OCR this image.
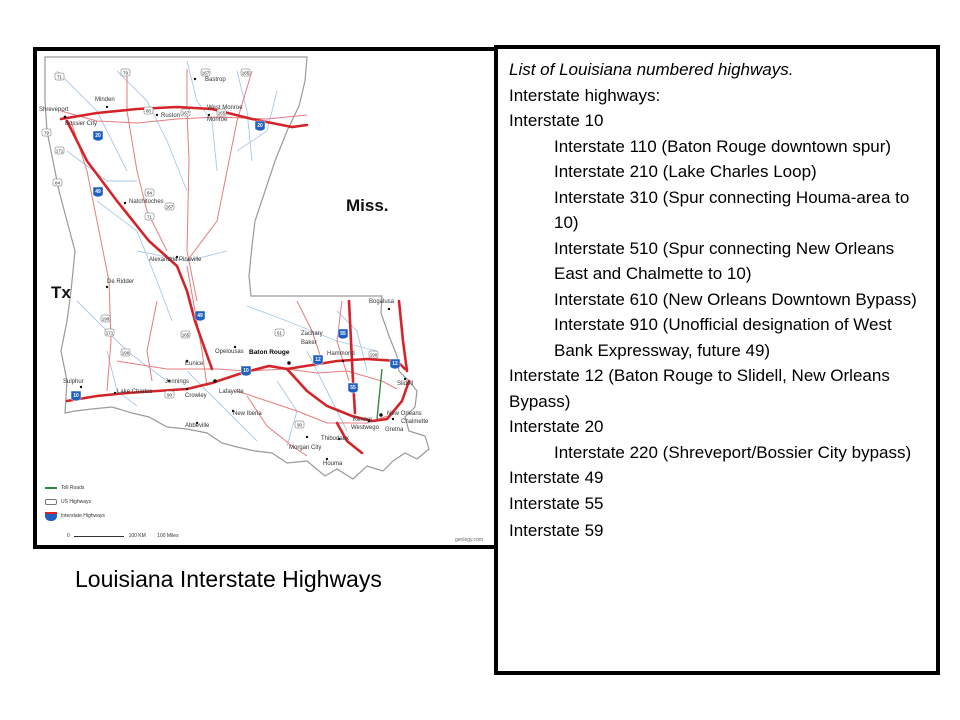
20
20
49
49
10
10
12
12
55
55
71
79	167	165
80	167	165
79
171
84
84
167
71
190
171	165
190
61
190
90
90
Tx
Miss.
Shreveport
Bossier City
Minden
Ruston
Monroe
West Monroe
Bastrop
Natchitoches
Alexandria Pineville
De Ridder
Opelousas Baton Rouge
Zachary
Baker
Hammond
Bogalusa
Slidell
Eunice
Sulphur
Lake Charles
Jennings
Crowley
Lafayette
New Iberia
Abbeville
Morgan City
Thibodaux
Houma
Kenner
Westwego Gretna
New Orleans
Chalmette
Toll Roads
US Highways
Interstate Highways
0	100 KM 100 Miles
geology.com
Louisiana Interstate Highways
List of Louisiana numbered highways.
Interstate highways:
Interstate 10
Interstate 110 (Baton Rouge downtown spur)
Interstate 210 (Lake Charles Loop)
Interstate 310 (Spur connecting Houma-area to 10)
Interstate 510 (Spur connecting New Orleans East and Chalmette to 10)
Interstate 610 (New Orleans Downtown Bypass)
Interstate 910 (Unofficial designation of West Bank Expressway, future 49)
Interstate 12 (Baton Rouge to Slidell, New Orleans Bypass)
Interstate 20
Interstate 220 (Shreveport/Bossier City bypass)
Interstate 49
Interstate 55
Interstate 59
